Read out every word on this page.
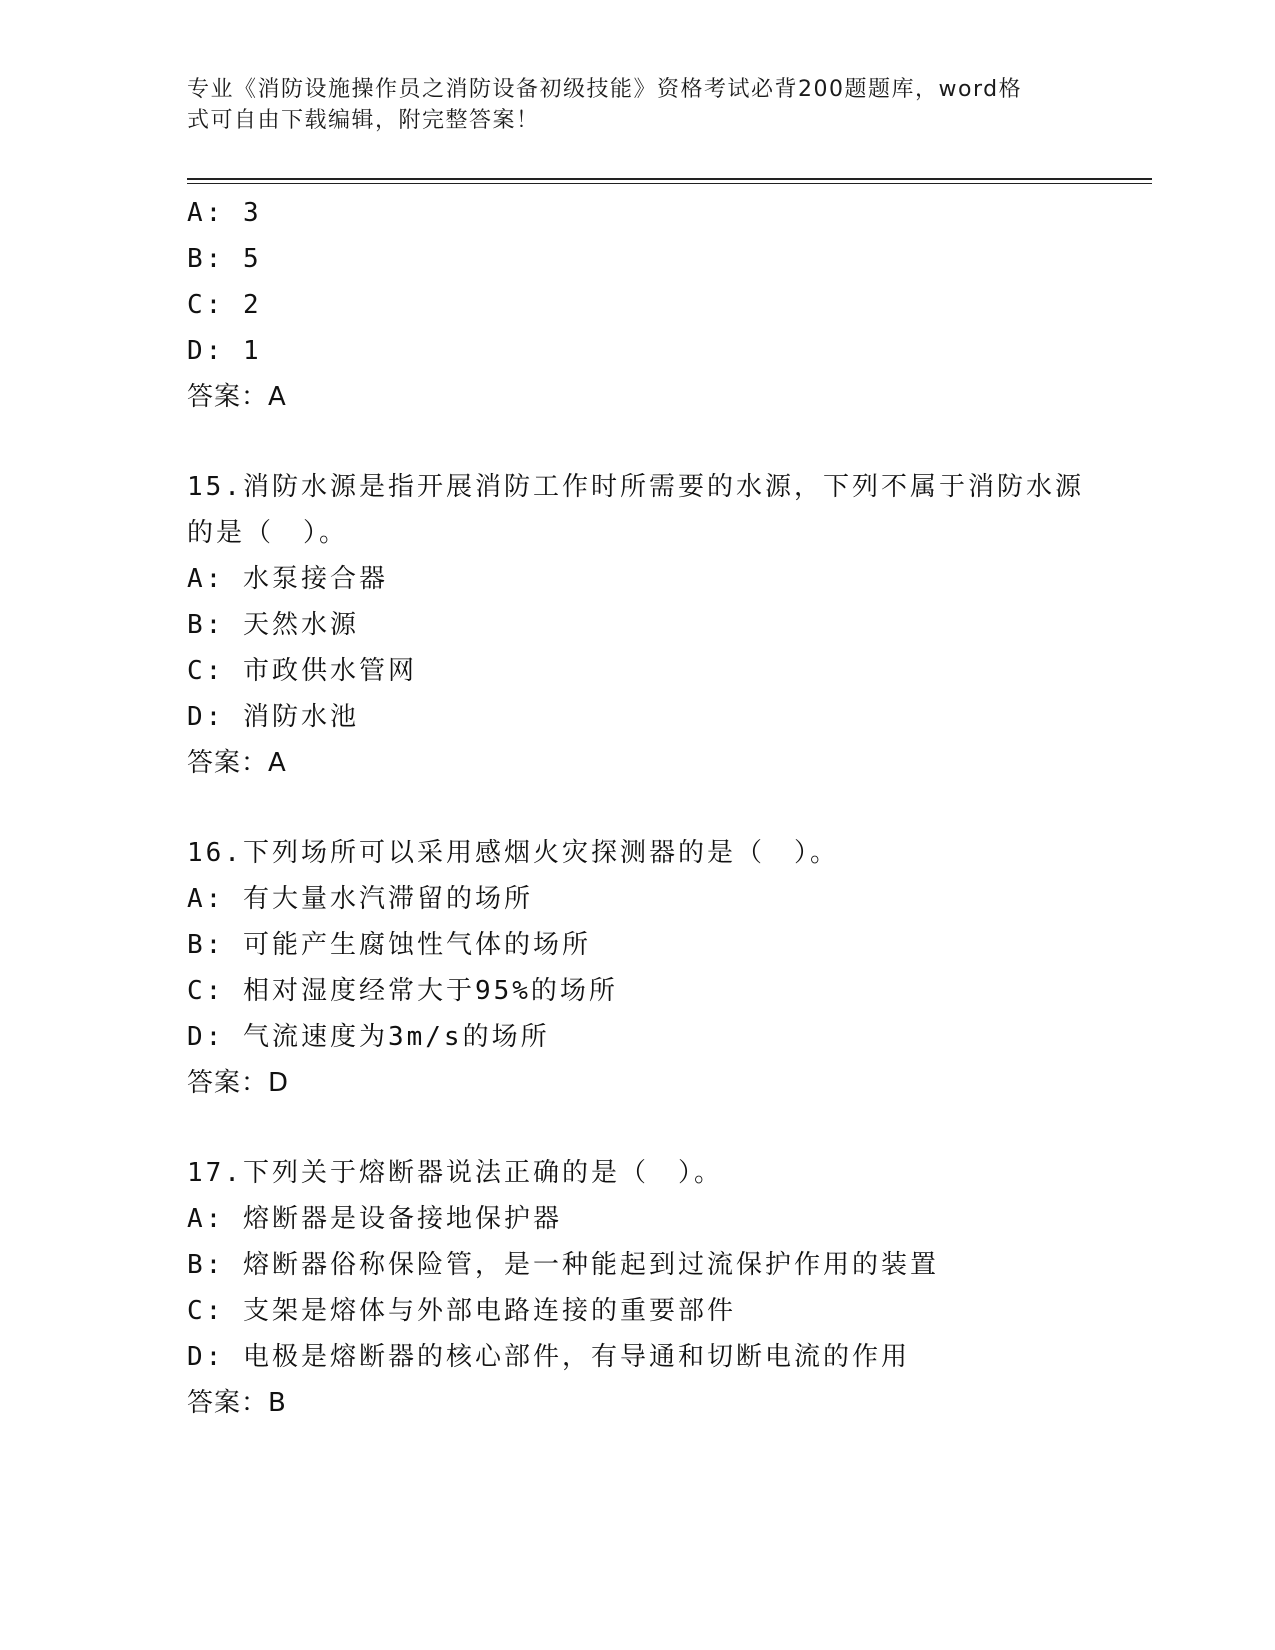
专业《消防设施操作员之消防设备初级技能》资格考试必背200题题库，word格
式可自由下载编辑，附完整答案！
A: 3
B: 5
C: 2
D: 1
答案：A
15.消防水源是指开展消防工作时所需要的水源，下列不属于消防水源
的是（　）。
A: 水泵接合器
B: 天然水源
C: 市政供水管网
D: 消防水池
答案：A
16.下列场所可以采用感烟火灾探测器的是（　）。
A: 有大量水汽滞留的场所
B: 可能产生腐蚀性气体的场所
C: 相对湿度经常大于95%的场所
D: 气流速度为3m/s的场所
答案：D
17.下列关于熔断器说法正确的是（　）。
A: 熔断器是设备接地保护器
B: 熔断器俗称保险管，是一种能起到过流保护作用的装置
C: 支架是熔体与外部电路连接的重要部件
D: 电极是熔断器的核心部件，有导通和切断电流的作用
答案：B
